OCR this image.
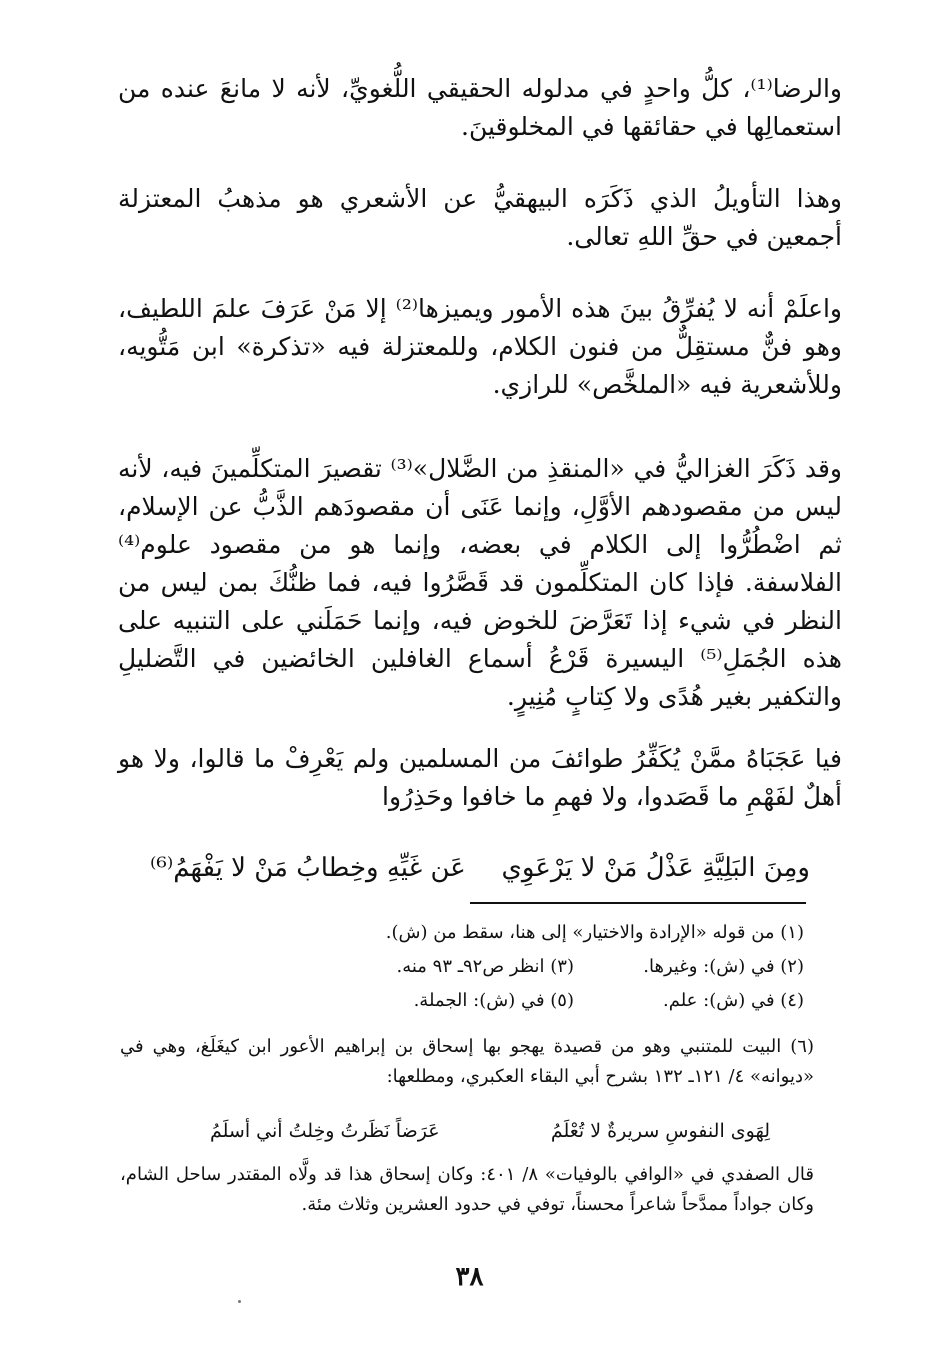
والرضا⁽¹⁾، كلُّ واحدٍ في مدلوله الحقيقي اللُّغويِّ، لأنه لا مانعَ عنده من استعمالِها في حقائقها في المخلوقينَ.

وهذا التأويلُ الذي ذَكَرَه البيهقيُّ عن الأشعري هو مذهبُ المعتزلة أجمعين في حقِّ اللهِ تعالى.

واعلَمْ أنه لا يُفرِّقُ بينَ هذه الأمور ويميزها⁽²⁾ إلا مَنْ عَرَفَ علمَ اللطيف، وهو فنٌّ مستقِلٌّ من فنون الكلام، وللمعتزلة فيه «تذكرة» ابن مَتُّويه، وللأشعرية فيه «الملخَّص» للرازي.

وقد ذَكَرَ الغزاليُّ في «المنقذِ من الضَّلال»⁽³⁾ تقصيرَ المتكلِّمينَ فيه، لأنه ليس من مقصودهم الأوَّلِ، وإنما عَنَى أن مقصودَهم الذَّبُّ عن الإسلام، ثم اضْطُرُّوا إلى الكلام في بعضه، وإنما هو من مقصود علوم⁽⁴⁾ الفلاسفة. فإذا كان المتكلِّمون قد قَصَّرُوا فيه، فما ظنُّكَ بمن ليس من النظر في شيء إذا تَعَرَّضَ للخوض فيه، وإنما حَمَلَني على التنبيه على هذه الجُمَلِ⁽⁵⁾ اليسيرة قَرْعُ أسماع الغافلين الخائضين في التَّضليلِ والتكفير بغير هُدًى ولا كِتابٍ مُنِيرٍ.

فيا عَجَبَاهُ ممَّنْ يُكَفِّرُ طوائفَ من المسلمين ولم يَعْرِفْ ما قالوا، ولا هو أهلٌ لفَهْمِ ما قَصَدوا، ولا فهمِ ما خافوا وحَذِرُوا

ومِنَ البَلِيَّةِ عَذْلُ مَنْ لا يَرْعَوِي
عَن غَيِّهِ وخِطابُ مَنْ لا يَفْهَمُ⁽⁶⁾
(١) من قوله «الإرادة والاختيار» إلى هنا، سقط من (ش).
(٢) في (ش): وغيرها.
(٣) انظر ص٩٢ـ ٩٣ منه.
(٤) في (ش): علم.
(٥) في (ش): الجملة.
(٦) البيت للمتنبي وهو من قصيدة يهجو بها إسحاق بن إبراهيم الأعور ابن كيغَلَغ، وهي في «ديوانه» ٤/ ١٢١ـ ١٣٢ بشرح أبي البقاء العكبري، ومطلعها:
لِهَوى النفوسِ سريرةٌ لا تُعْلَمُ
عَرَضاً نَظَرتُ وخِلتُ أني أسلَمُ
قال الصفدي في «الوافي بالوفيات» ٨/ ٤٠١: وكان إسحاق هذا قد ولَّاه المقتدر ساحل الشام، وكان جواداً ممدَّحاً شاعراً محسناً، توفي في حدود العشرين وثلاث مئة.
٣٨
